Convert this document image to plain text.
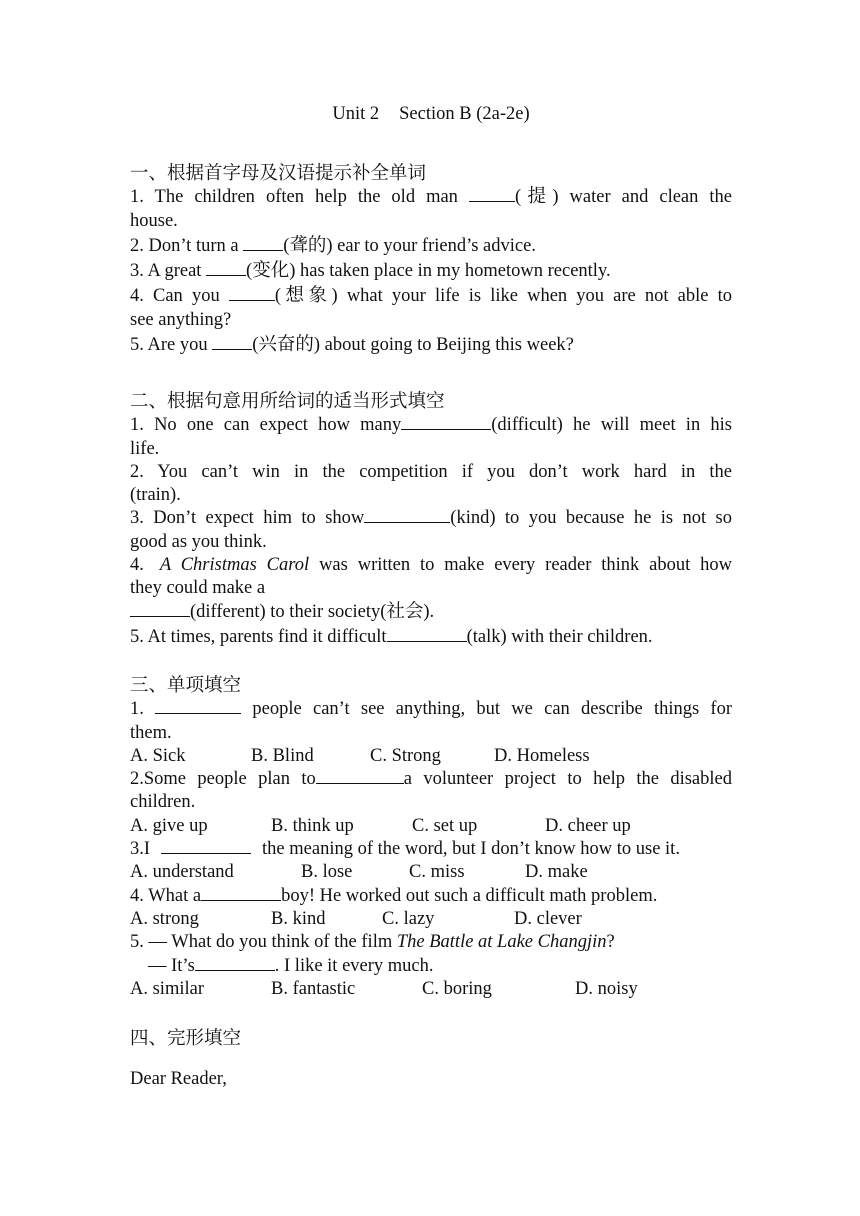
Unit 2 Section B (2a-2e)
一、根据首字母及汉语提示补全单词
1. The children often help the old man	(提) water and clean the
house.
2. Don’t turn a (聋的) ear to your friend’s advice.
3. A great (变化) has taken place in my hometown recently.
4. Can you	(想象) what your life is like when you are not able to
see anything?
5. Are you (兴奋的) about going to Beijing this week?
二、根据句意用所给词的适当形式填空
1. No one can expect how many	(difficult) he will meet in his
life.
2. You can’t win in the competition if you don’t work hard in the
(train).
3. Don’t expect him to show	(kind) to you because he is not so
good as you think.
4. A Christmas Carol was written to make every reader think about how
they could make a
(different) to their society(社会).
5. At times, parents find it difficult	(talk) with their children.
三、单项填空
1.	people can’t see anything, but we can describe things for
them.
A. Sick	B. Blind	C. Strong	D. Homeless
2.Some people plan to	a volunteer project to help the disabled
children.
A. give up	B. think up	C. set up	D. cheer up
3.I	the meaning of the word, but I don’t know how to use it.
A. understand	B. lose	C. miss	D. make
4. What a	boy! He worked out such a difficult math problem.
A. strong	B. kind	C. lazy	D. clever
5. — What do you think of the film The Battle at Lake Changjin?
— It’s	. I like it every much.
A. similar	B. fantastic	C. boring	D. noisy
四、完形填空
Dear Reader,
